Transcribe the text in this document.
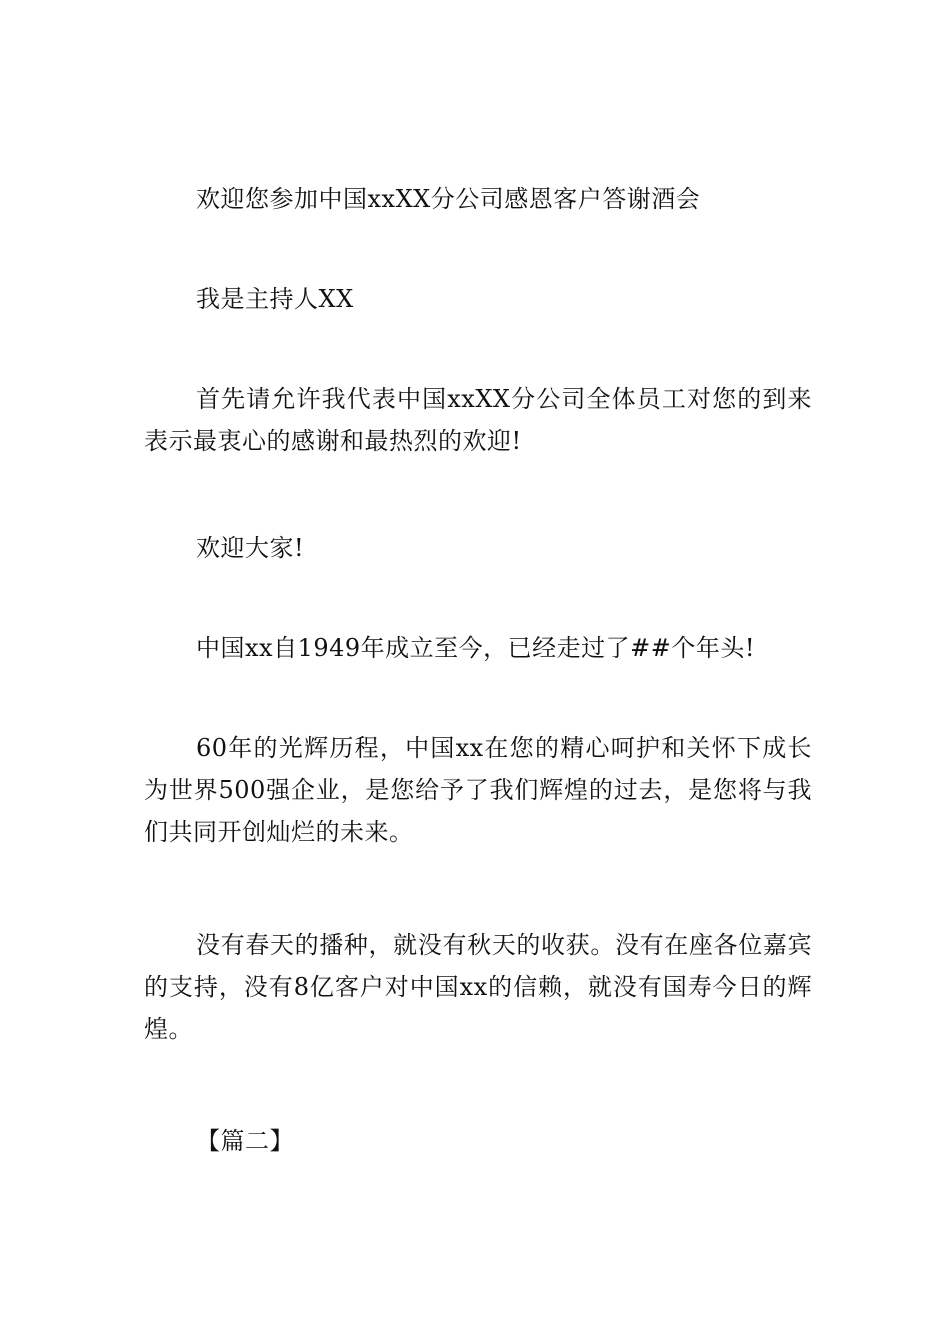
欢迎您参加中国xxXX分公司感恩客户答谢酒会

我是主持人XX

首先请允许我代表中国xxXX分公司全体员工对您的到来表示最衷心的感谢和最热烈的欢迎!

欢迎大家!

中国xx自1949年成立至今，已经走过了##个年头!

60年的光辉历程，中国xx在您的精心呵护和关怀下成长为世界500强企业，是您给予了我们辉煌的过去，是您将与我们共同开创灿烂的未来。

没有春天的播种，就没有秋天的收获。没有在座各位嘉宾的支持，没有8亿客户对中国xx的信赖，就没有国寿今日的辉煌。

【篇二】
